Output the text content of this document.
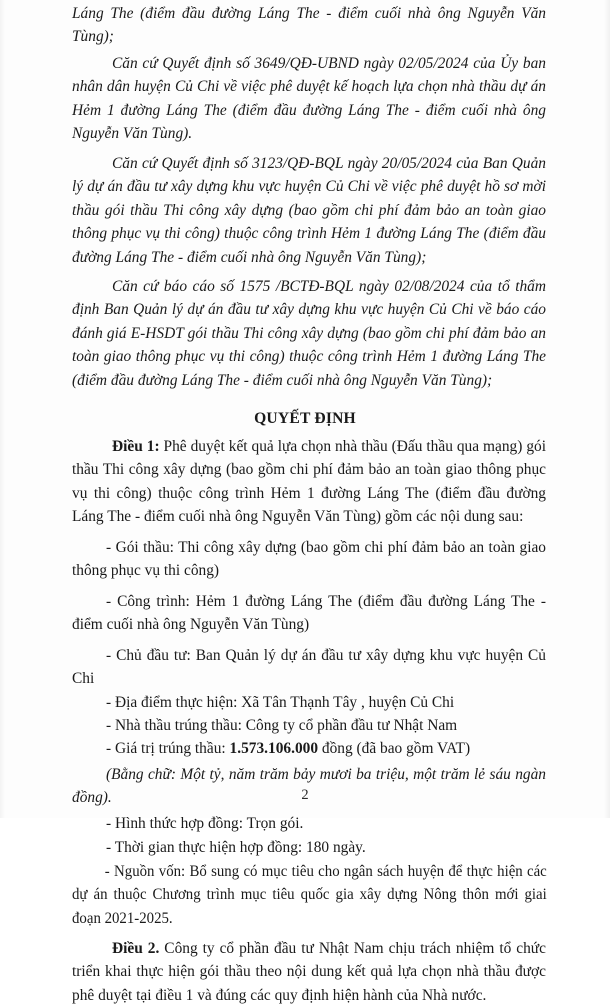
Láng The (điểm đầu đường Láng The - điểm cuối nhà ông Nguyễn Văn Tùng);

Căn cứ Quyết định số 3649/QĐ-UBND ngày 02/05/2024 của Ủy ban nhân dân huyện Củ Chi về việc phê duyệt kế hoạch lựa chọn nhà thầu dự án Hẻm 1 đường Láng The (điểm đầu đường Láng The - điểm cuối nhà ông Nguyễn Văn Tùng).

Căn cứ Quyết định số 3123/QĐ-BQL ngày 20/05/2024 của Ban Quản lý dự án đầu tư xây dựng khu vực huyện Củ Chi về việc phê duyệt hồ sơ mời thầu gói thầu Thi công xây dựng (bao gồm chi phí đảm bảo an toàn giao thông phục vụ thi công) thuộc công trình Hẻm 1 đường Láng The (điểm đầu đường Láng The - điểm cuối nhà ông Nguyễn Văn Tùng);

Căn cứ báo cáo số 1575 /BCTĐ-BQL ngày 02/08/2024 của tổ thẩm định Ban Quản lý dự án đầu tư xây dựng khu vực huyện Củ Chi về báo cáo đánh giá E-HSDT gói thầu Thi công xây dựng (bao gồm chi phí đảm bảo an toàn giao thông phục vụ thi công) thuộc công trình Hẻm 1 đường Láng The (điểm đầu đường Láng The - điểm cuối nhà ông Nguyễn Văn Tùng);

QUYẾT ĐỊNH

Điều 1: Phê duyệt kết quả lựa chọn nhà thầu (Đấu thầu qua mạng) gói thầu Thi công xây dựng (bao gồm chi phí đảm bảo an toàn giao thông phục vụ thi công) thuộc công trình Hẻm 1 đường Láng The (điểm đầu đường Láng The - điểm cuối nhà ông Nguyễn Văn Tùng) gồm các nội dung sau:

- Gói thầu: Thi công xây dựng (bao gồm chi phí đảm bảo an toàn giao thông phục vụ thi công)

- Công trình: Hẻm 1 đường Láng The (điểm đầu đường Láng The - điểm cuối nhà ông Nguyễn Văn Tùng)

- Chủ đầu tư: Ban Quản lý dự án đầu tư xây dựng khu vực huyện Củ Chi

- Địa điểm thực hiện: Xã Tân Thạnh Tây , huyện Củ Chi

- Nhà thầu trúng thầu: Công ty cổ phần đầu tư Nhật Nam

- Giá trị trúng thầu: 1.573.106.000 đồng (đã bao gồm VAT)

(Bằng chữ: Một tỷ, năm trăm bảy mươi ba triệu, một trăm lẻ sáu ngàn đồng).

- Hình thức hợp đồng: Trọn gói.

- Thời gian thực hiện hợp đồng: 180 ngày.

- Nguồn vốn: Bổ sung có mục tiêu cho ngân sách huyện để thực hiện các dự án thuộc Chương trình mục tiêu quốc gia xây dựng Nông thôn mới giai đoạn 2021-2025.

Điều 2. Công ty cổ phần đầu tư Nhật Nam chịu trách nhiệm tổ chức triển khai thực hiện gói thầu theo nội dung kết quả lựa chọn nhà thầu được phê duyệt tại điều 1 và đúng các quy định hiện hành của Nhà nước.

2
